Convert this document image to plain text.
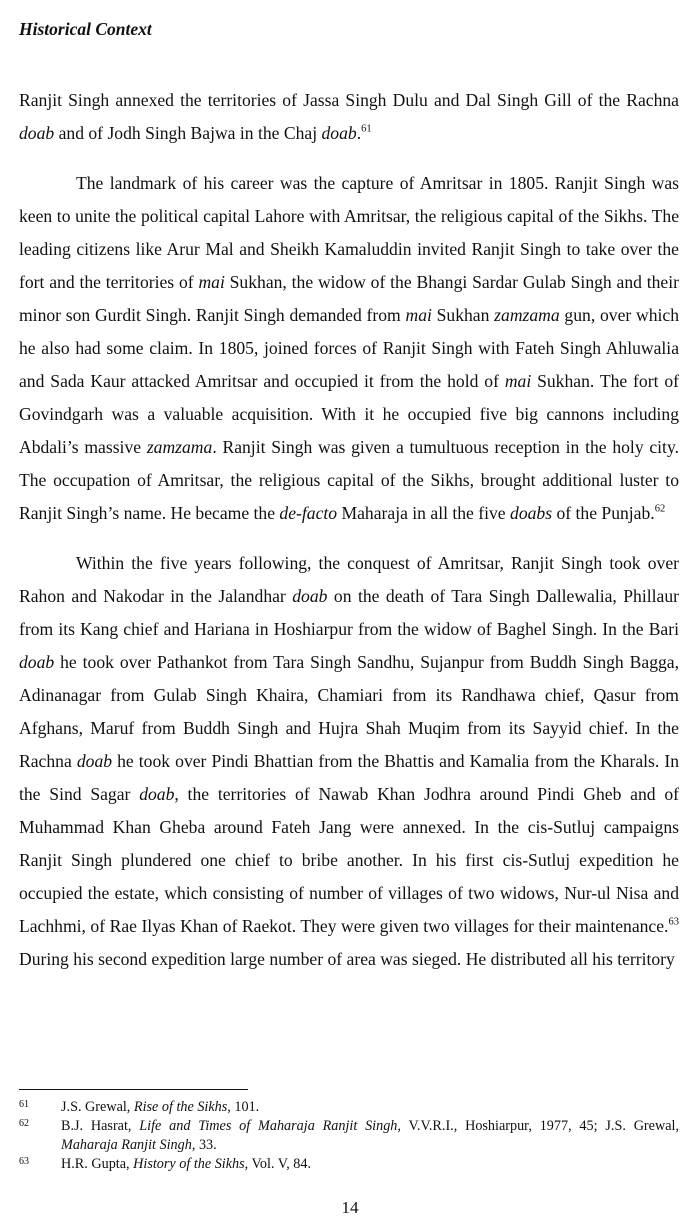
Historical Context

Ranjit Singh annexed the territories of Jassa Singh Dulu and Dal Singh Gill of the Rachna doab and of Jodh Singh Bajwa in the Chaj doab.$^{61}$

The landmark of his career was the capture of Amritsar in 1805. Ranjit Singh was keen to unite the political capital Lahore with Amritsar, the religious capital of the Sikhs. The leading citizens like Arur Mal and Sheikh Kamaluddin invited Ranjit Singh to take over the fort and the territories of mai Sukhan, the widow of the Bhangi Sardar Gulab Singh and their minor son Gurdit Singh. Ranjit Singh demanded from mai Sukhan zamzama gun, over which he also had some claim. In 1805, joined forces of Ranjit Singh with Fateh Singh Ahluwalia and Sada Kaur attacked Amritsar and occupied it from the hold of mai Sukhan. The fort of Govindgarh was a valuable acquisition. With it he occupied five big cannons including Abdali’s massive zamzama. Ranjit Singh was given a tumultuous reception in the holy city. The occupation of Amritsar, the religious capital of the Sikhs, brought additional luster to Ranjit Singh’s name. He became the de-facto Maharaja in all the five doabs of the Punjab.$^{62}$

Within the five years following, the conquest of Amritsar, Ranjit Singh took over Rahon and Nakodar in the Jalandhar doab on the death of Tara Singh Dallewalia, Phillaur from its Kang chief and Hariana in Hoshiarpur from the widow of Baghel Singh. In the Bari doab he took over Pathankot from Tara Singh Sandhu, Sujanpur from Buddh Singh Bagga, Adinanagar from Gulab Singh Khaira, Chamiari from its Randhawa chief, Qasur from Afghans, Maruf from Buddh Singh and Hujra Shah Muqim from its Sayyid chief. In the Rachna doab he took over Pindi Bhattian from the Bhattis and Kamalia from the Kharals. In the Sind Sagar doab, the territories of Nawab Khan Jodhra around Pindi Gheb and of Muhammad Khan Gheba around Fateh Jang were annexed. In the cis-Sutluj campaigns Ranjit Singh plundered one chief to bribe another. In his first cis-Sutluj expedition he occupied the estate, which consisting of number of villages of two widows, Nur-ul Nisa and Lachhmi, of Rae Ilyas Khan of Raekot. They were given two villages for their maintenance.$^{63}$ During his second expedition large number of area was sieged. He distributed all his territory

61	J.S. Grewal, Rise of the Sikhs, 101.
62	B.J. Hasrat, Life and Times of Maharaja Ranjit Singh, V.V.R.I., Hoshiarpur, 1977, 45; J.S. Grewal, Maharaja Ranjit Singh, 33.
63	H.R. Gupta, History of the Sikhs, Vol. V, 84.
14
